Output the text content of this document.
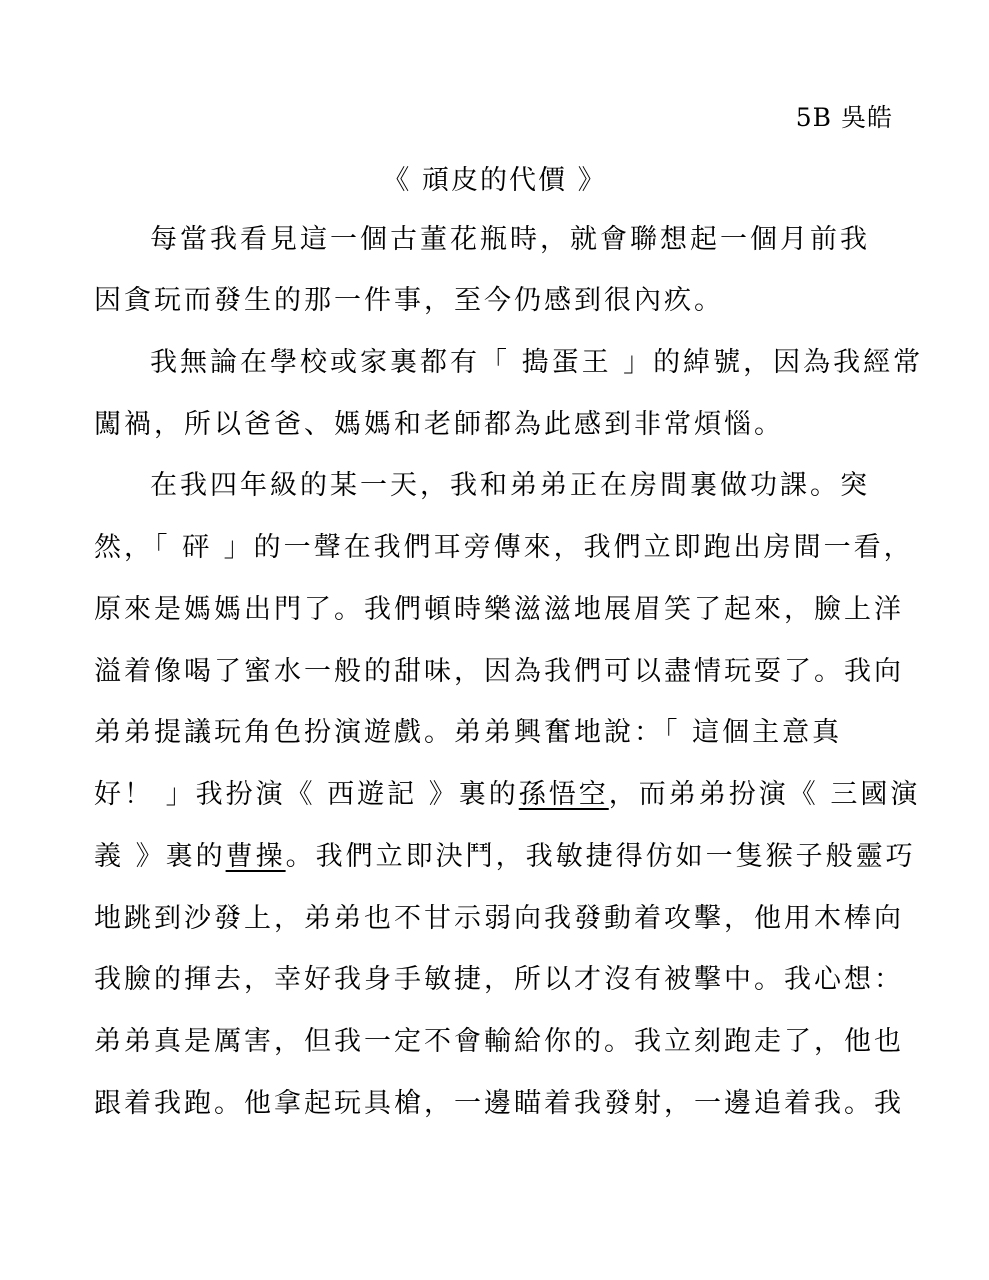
5B 吳皓
《 頑皮的代價 》
每當我看見這一個古董花瓶時，就會聯想起一個月前我
因貪玩而發生的那一件事，至今仍感到很內疚。
我無論在學校或家裏都有「 搗蛋王 」的綽號，因為我經常
闖禍，所以爸爸、媽媽和老師都為此感到非常煩惱。
在我四年級的某一天，我和弟弟正在房間裏做功課。突
然，「 砰 」的一聲在我們耳旁傳來，我們立即跑出房間一看，
原來是媽媽出門了。我們頓時樂滋滋地展眉笑了起來，臉上洋
溢着像喝了蜜水一般的甜味，因為我們可以盡情玩耍了。我向
弟弟提議玩角色扮演遊戲。弟弟興奮地說：「 這個主意真
好！ 」我扮演《 西遊記 》裏的孫悟空，而弟弟扮演《 三國演
義 》裏的曹操。我們立即決鬥，我敏捷得仿如一隻猴子般靈巧
地跳到沙發上，弟弟也不甘示弱向我發動着攻擊，他用木棒向
我臉的揮去，幸好我身手敏捷，所以才沒有被擊中。我心想：
弟弟真是厲害，但我一定不會輸給你的。我立刻跑走了，他也
跟着我跑。他拿起玩具槍，一邊瞄着我發射，一邊追着我。我
